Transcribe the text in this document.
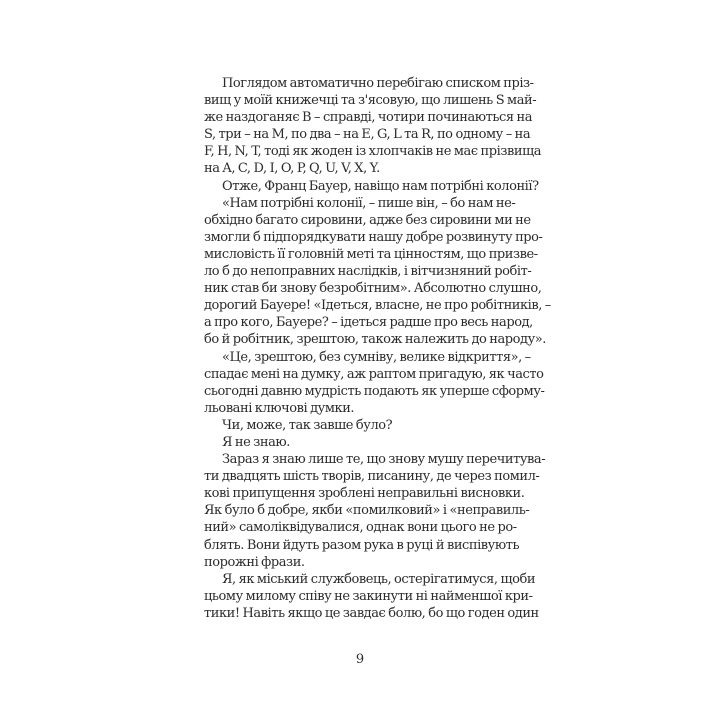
Поглядом автоматично перебігаю списком пріз-
вищ у моїй книжечці та з'ясовую, що лишень S май-
же наздоганяє B – справді, чотири починаються на
S, три – на M, по два – на E, G, L та R, по одному – на
F, H, N, T, тоді як жоден із хлопчаків не має прізвища
на A, C, D, I, O, P, Q, U, V, X, Y.
Отже, Франц Бауер, навіщо нам потрібні колонії?
«Нам потрібні колонії, – пише він, – бо нам не-
обхідно багато сировини, адже без сировини ми не
змогли б підпорядкувати нашу добре розвинуту про-
мисловість її головній меті та цінностям, що призве-
ло б до непоправних наслідків, і вітчизняний робіт-
ник став би знову безробітним». Абсолютно слушно,
дорогий Бауере! «Ідеться, власне, не про робітників, –
а про кого, Бауере? – ідеться радше про весь народ,
бо й робітник, зрештою, також належить до народу».
«Це, зрештою, без сумніву, велике відкриття», –
спадає мені на думку, аж раптом пригадую, як часто
сьогодні давню мудрість подають як уперше сформу-
льовані ключові думки.
Чи, може, так завше було?
Я не знаю.
Зараз я знаю лише те, що знову мушу перечитува-
ти двадцять шість творів, писанину, де через помил-
кові припущення зроблені неправильні висновки.
Як було б добре, якби «помилковий» і «неправиль-
ний» самоліквідувалися, однак вони цього не ро-
блять. Вони йдуть разом рука в руці й виспівують
порожні фрази.
Я, як міський службовець, остерігатимуся, щоби
цьому милому співу не закинути ні найменшої кри-
тики! Навіть якщо це завдає болю, бо що годен один
9
